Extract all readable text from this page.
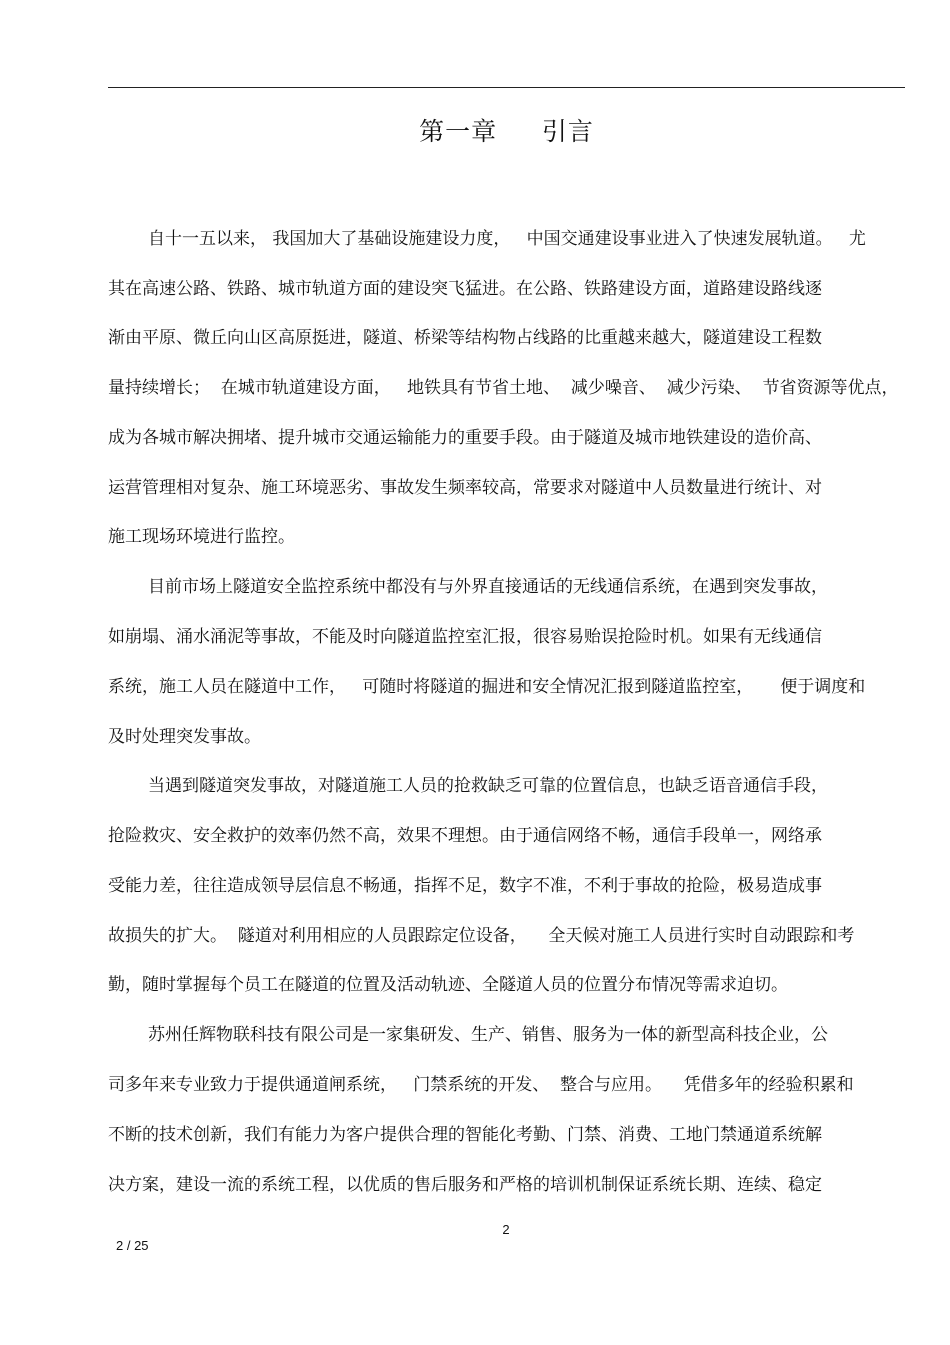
第一章     引言
自十一五以来， 我国加大了基础设施建设力度，   中国交通建设事业进入了快速发展轨道。   尤
其在高速公路、铁路、城市轨道方面的建设突飞猛进。在公路、铁路建设方面，道路建设路线逐
渐由平原、微丘向山区高原挺进，隧道、桥梁等结构物占线路的比重越来越大，隧道建设工程数
量持续增长；  在城市轨道建设方面，   地铁具有节省土地、  减少噪音、  减少污染、  节省资源等优点，
成为各城市解决拥堵、提升城市交通运输能力的重要手段。由于隧道及城市地铁建设的造价高、
运营管理相对复杂、施工环境恶劣、事故发生频率较高，常要求对隧道中人员数量进行统计、对
施工现场环境进行监控。
目前市场上隧道安全监控系统中都没有与外界直接通话的无线通信系统，在遇到突发事故，
如崩塌、涌水涌泥等事故，不能及时向隧道监控室汇报，很容易贻误抢险时机。如果有无线通信
系统，施工人员在隧道中工作，   可随时将隧道的掘进和安全情况汇报到隧道监控室，     便于调度和
及时处理突发事故。
当遇到隧道突发事故，对隧道施工人员的抢救缺乏可靠的位置信息，也缺乏语音通信手段，
抢险救灾、安全救护的效率仍然不高，效果不理想。由于通信网络不畅，通信手段单一，网络承
受能力差，往往造成领导层信息不畅通，指挥不足，数字不准，不利于事故的抢险，极易造成事
故损失的扩大。  隧道对利用相应的人员跟踪定位设备，    全天候对施工人员进行实时自动跟踪和考
勤，随时掌握每个员工在隧道的位置及活动轨迹、全隧道人员的位置分布情况等需求迫切。
苏州任辉物联科技有限公司是一家集研发、生产、销售、服务为一体的新型高科技企业，公
司多年来专业致力于提供通道闸系统，   门禁系统的开发、  整合与应用。    凭借多年的经验积累和
不断的技术创新，我们有能力为客户提供合理的智能化考勤、门禁、消费、工地门禁通道系统解
决方案，建设一流的系统工程，以优质的售后服务和严格的培训机制保证系统长期、连续、稳定
2
2 / 25
